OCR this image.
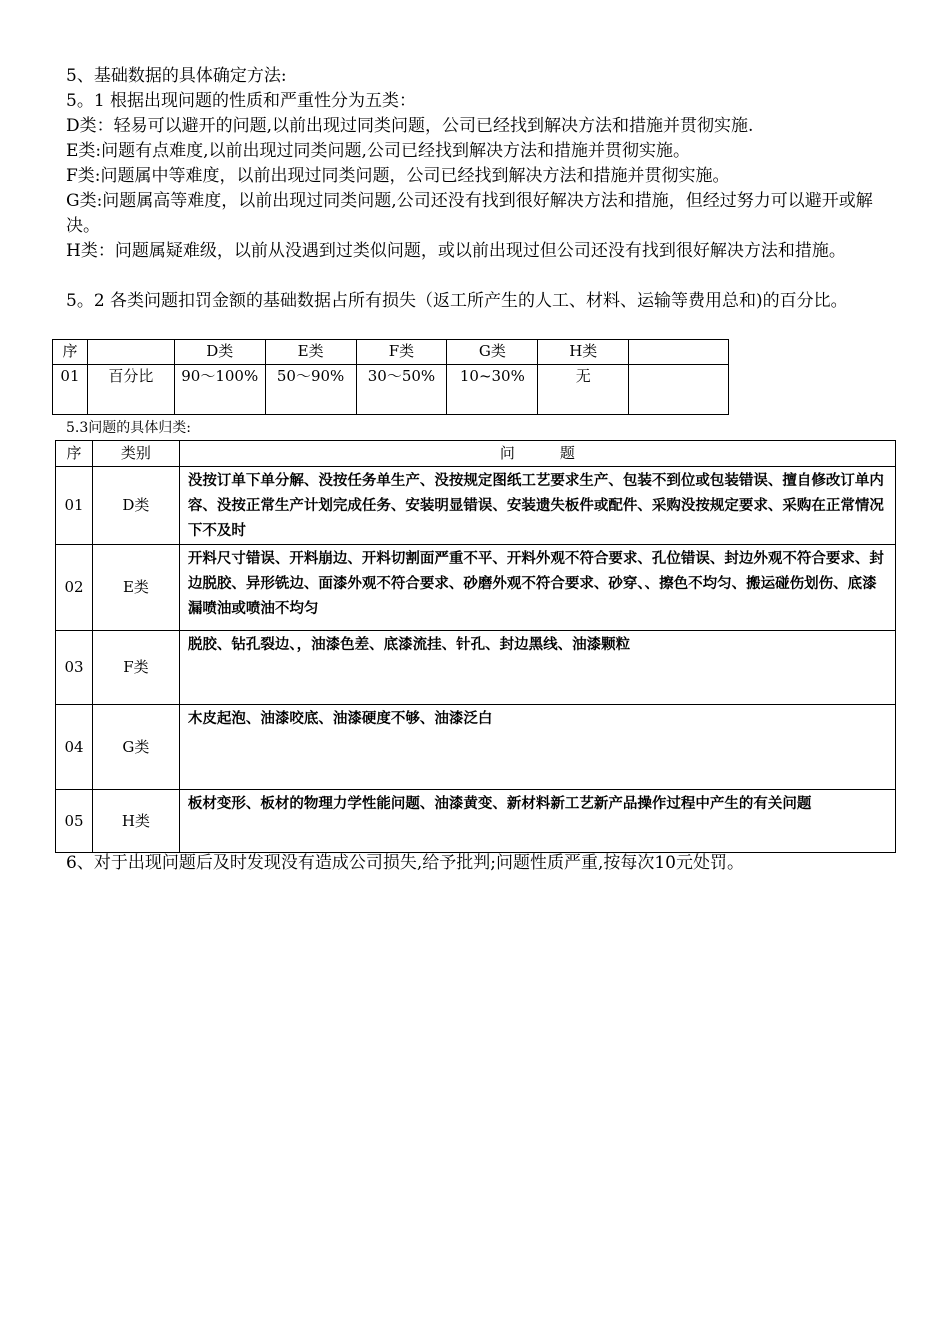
5、基础数据的具体确定方法:
5。1 根据出现问题的性质和严重性分为五类：
D类：轻易可以避开的问题,以前出现过同类问题，公司已经找到解决方法和措施并贯彻实施.
E类:问题有点难度,以前出现过同类问题,公司已经找到解决方法和措施并贯彻实施。
F类:问题属中等难度，以前出现过同类问题，公司已经找到解决方法和措施并贯彻实施。
G类:问题属高等难度，以前出现过同类问题,公司还没有找到很好解决方法和措施，但经过努力可以避开或解决。
H类：问题属疑难级，以前从没遇到过类似问题，或以前出现过但公司还没有找到很好解决方法和措施。
5。2 各类问题扣罚金额的基础数据占所有损失（返工所产生的人工、材料、运输等费用总和)的百分比。
序		D类	E类	F类	G类	H类	
01	百分比	90～100%	50～90%	30～50%	10~30%	无	
5.3问题的具体归类:
序	类别	问　　　题
01	D类	没按订单下单分解、没按任务单生产、没按规定图纸工艺要求生产、包装不到位或包装错误、擅自修改订单内容、没按正常生产计划完成任务、安装明显错误、安装遗失板件或配件、采购没按规定要求、采购在正常情况下不及时
02	E类	开料尺寸错误、开料崩边、开料切割面严重不平、开料外观不符合要求、孔位错误、封边外观不符合要求、封边脱胶、异形铣边、面漆外观不符合要求、砂磨外观不符合要求、砂穿、、擦色不均匀、搬运碰伤划伤、底漆漏喷油或喷油不均匀
03	F类	脱胶、钻孔裂边、，油漆色差、底漆流挂、针孔、封边黑线、油漆颗粒
04	G类	木皮起泡、油漆咬底、油漆硬度不够、油漆泛白
05	H类	板材变形、板材的物理力学性能问题、油漆黄变、新材料新工艺新产品操作过程中产生的有关问题
6、对于出现问题后及时发现没有造成公司损失,给予批判;问题性质严重,按每次10元处罚。
